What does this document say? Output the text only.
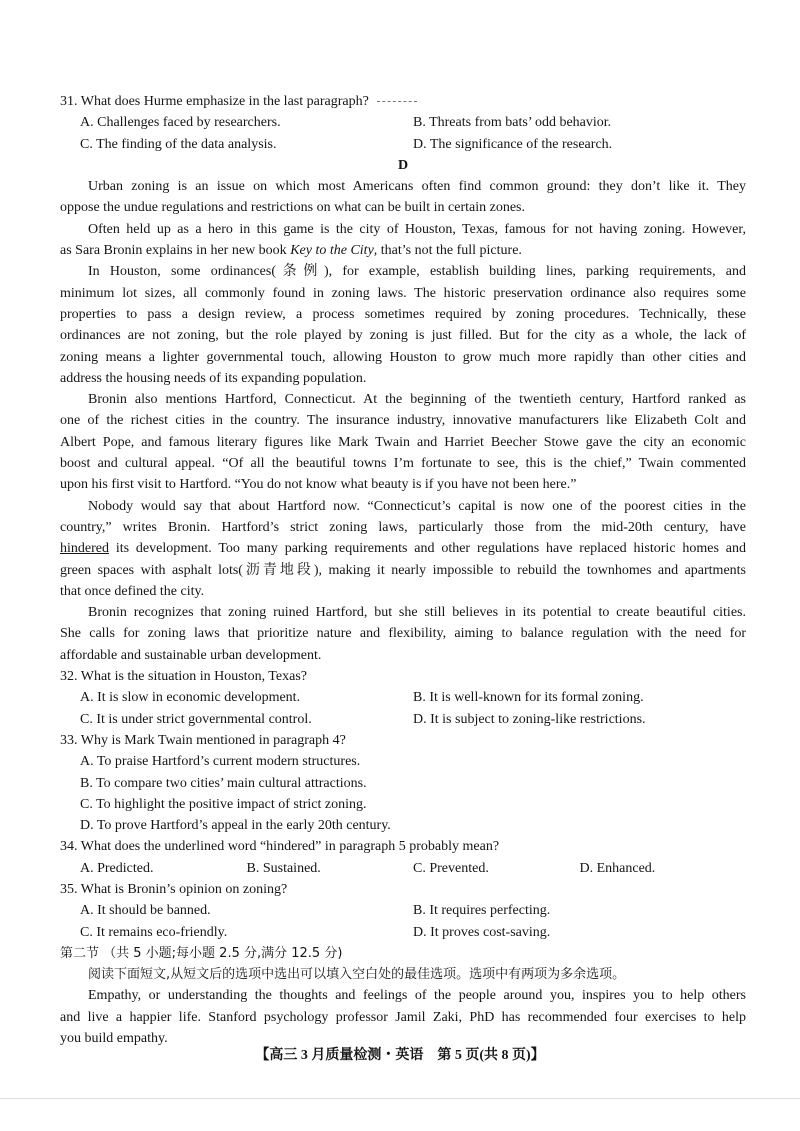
31. What does Hurme emphasize in the last paragraph?
A. Challenges faced by researchers.	B. Threats from bats’ odd behavior.
C. The finding of the data analysis.	D. The significance of the research.
D
Urban zoning is an issue on which most Americans often find common ground: they don’t like it. They
oppose the undue regulations and restrictions on what can be built in certain zones.
Often held up as a hero in this game is the city of Houston, Texas, famous for not having zoning. However,
as Sara Bronin explains in her new book Key to the City, that’s not the full picture.
In Houston, some ordinances(条例), for example, establish building lines, parking requirements, and
minimum lot sizes, all commonly found in zoning laws. The historic preservation ordinance also requires some
properties to pass a design review, a process sometimes required by zoning procedures. Technically, these
ordinances are not zoning, but the role played by zoning is just filled. But for the city as a whole, the lack of
zoning means a lighter governmental touch, allowing Houston to grow much more rapidly than other cities and
address the housing needs of its expanding population.
Bronin also mentions Hartford, Connecticut. At the beginning of the twentieth century, Hartford ranked as
one of the richest cities in the country. The insurance industry, innovative manufacturers like Elizabeth Colt and
Albert Pope, and famous literary figures like Mark Twain and Harriet Beecher Stowe gave the city an economic
boost and cultural appeal. “Of all the beautiful towns I’m fortunate to see, this is the chief,” Twain commented
upon his first visit to Hartford. “You do not know what beauty is if you have not been here.”
Nobody would say that about Hartford now. “Connecticut’s capital is now one of the poorest cities in the
country,” writes Bronin. Hartford’s strict zoning laws, particularly those from the mid-20th century, have
hindered its development. Too many parking requirements and other regulations have replaced historic homes and
green spaces with asphalt lots(沥青地段), making it nearly impossible to rebuild the townhomes and apartments
that once defined the city.
Bronin recognizes that zoning ruined Hartford, but she still believes in its potential to create beautiful cities.
She calls for zoning laws that prioritize nature and flexibility, aiming to balance regulation with the need for
affordable and sustainable urban development.
32. What is the situation in Houston, Texas?
A. It is slow in economic development.	B. It is well-known for its formal zoning.
C. It is under strict governmental control.	D. It is subject to zoning-like restrictions.
33. Why is Mark Twain mentioned in paragraph 4?
A. To praise Hartford’s current modern structures.
B. To compare two cities’ main cultural attractions.
C. To highlight the positive impact of strict zoning.
D. To prove Hartford’s appeal in the early 20th century.
34. What does the underlined word “hindered” in paragraph 5 probably mean?
A. Predicted.	B. Sustained.	C. Prevented.	D. Enhanced.
35. What is Bronin’s opinion on zoning?
A. It should be banned.	B. It requires perfecting.
C. It remains eco-friendly.	D. It proves cost-saving.
第二节 （共 5 小题;每小题 2.5 分,满分 12.5 分)
阅读下面短文,从短文后的选项中选出可以填入空白处的最佳选项。选项中有两项为多余选项。
Empathy, or understanding the thoughts and feelings of the people around you, inspires you to help others
and live a happier life. Stanford psychology professor Jamil Zaki, PhD has recommended four exercises to help
you build empathy.
【高三 3 月质量检测・英语　第 5 页(共 8 页)】
